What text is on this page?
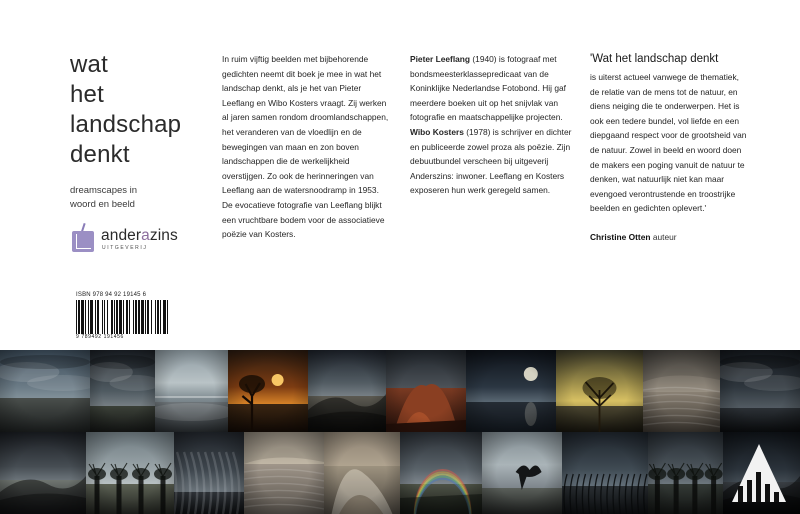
wat
het
landschap
denkt
dreamscapes in
woord en beeld
anderazins
UITGEVERIJ
ISBN 978 94 92 19145 6
9 789492 191456

In ruim vijftig beelden met bijbehorende gedichten neemt dit boek je mee in wat het landschap denkt, als je het van Pieter Leeflang en Wibo Kosters vraagt. Zij werken al jaren samen rondom droomlandschappen, het veranderen van de vloedlijn en de bewegingen van maan en zon boven landschappen die de werkelijkheid overstijgen. Zo ook de herinneringen van Leeflang aan de watersnoodramp in 1953. De evocatieve fotografie van Leeflang blijkt een vruchtbare bodem voor de associatieve poëzie van Kosters.

Pieter Leeflang (1940) is fotograaf met bondsmeesterklassepredicaat van de Koninklijke Nederlandse Fotobond. Hij gaf meerdere boeken uit op het snijvlak van fotografie en maatschappelijke projecten. Wibo Kosters (1978) is schrijver en dichter en publiceerde zowel proza als poëzie. Zijn debuutbundel verscheen bij uitgeverij Anderszins: inwoner. Leeflang en Kosters exposeren hun werk geregeld samen.

'Wat het landschap denkt
is uiterst actueel vanwege de thematiek, de relatie van de mens tot de natuur, en diens neiging die te onderwerpen. Het is ook een tedere bundel, vol liefde en een diepgaand respect voor de grootsheid van de natuur. Zowel in beeld en woord doen de makers een poging vanuit de natuur te denken, wat natuurlijk niet kan maar evengoed verontrustende en troostrijke beelden en gedichten oplevert.'
Christine Otten auteur
